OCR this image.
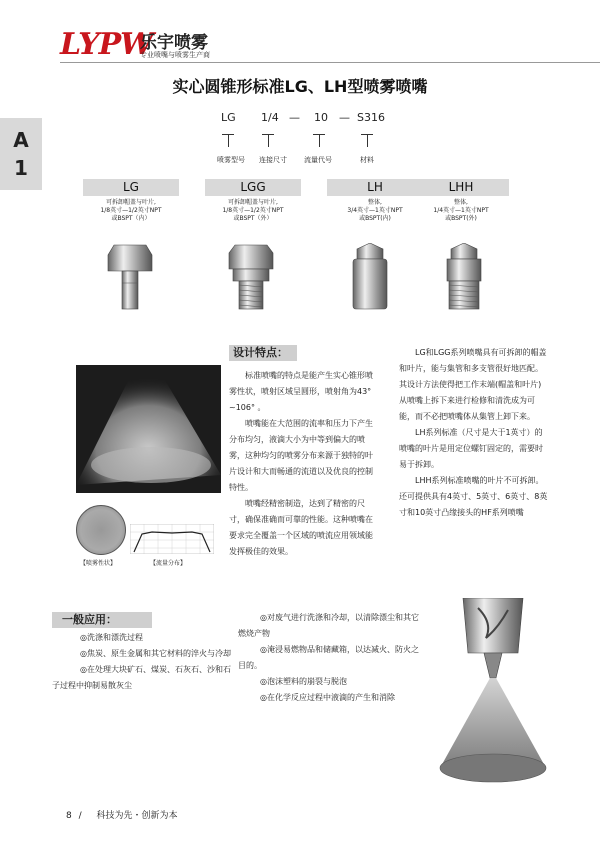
LYPW
乐宇喷雾
专业喷嘴与喷雾生产商
实心圆锥形标准LG、LH型喷雾喷嘴
A
1
LG 1/4 — 10 — S316
喷雾型号 连接尺寸 流量代号	材料
LG	LGG	LH	LHH
可拆卸帽盖与叶片,
1/8英寸—1/2英寸NPT
或BSPT（内）
可拆卸帽盖与叶片,
1/8英寸—1/2英寸NPT
或BSPT（外）
整体,
3/4英寸—1英寸NPT
或BSPT(内)
整体,
1/4英寸—1英寸NPT
或BSPT(外)
【喷雾性状】	【流量分布】
设计特点：
标准喷嘴的特点是能产生实心锥形喷雾性状，喷射区域呈圆形，喷射角为43° ~106° 。
喷嘴能在大范围的流率和压力下产生分布均匀，液滴大小为中等到偏大的喷雾，这种均匀的喷雾分布来源于独特的叶片设计和大而畅通的流道以及优良的控制特性。
喷嘴经精密制造，达到了精密的尺寸，确保准确而可靠的性能。这种喷嘴在要求完全覆盖一个区域的喷流应用领域能发挥极佳的效果。
LG和LGG系列喷嘴具有可拆卸的帽盖和叶片，能与集管和多支管很好地匹配。其设计方法使得把工作末端(帽盖和叶片)从喷嘴上拆下来进行检修和清洗成为可能，而不必把喷嘴体从集管上卸下来。
LH系列标准（尺寸是大于1英寸）的喷嘴的叶片是用定位螺钉固定的，需要时易于拆卸。
LHH系列标准喷嘴的叶片不可拆卸。还可提供具有4英寸、5英寸、6英寸、8英寸和10英寸凸缘接头的HF系列喷嘴
一般应用：
◎洗涤和漂洗过程
◎焦炭、原生金属和其它材料的淬火与冷却
◎在处理大块矿石、煤炭、石灰石、沙和石子过程中抑制易散灰尘
◎对废气进行洗涤和冷却，以清除漂尘和其它燃烧产物
◎淹浸易燃物品和储藏箱，以达减火、防火之目的。
◎泡沫塑料的崩裂与脱泡
◎在化学反应过程中液滴的产生和消除
8 / 科技为先・创新为本
